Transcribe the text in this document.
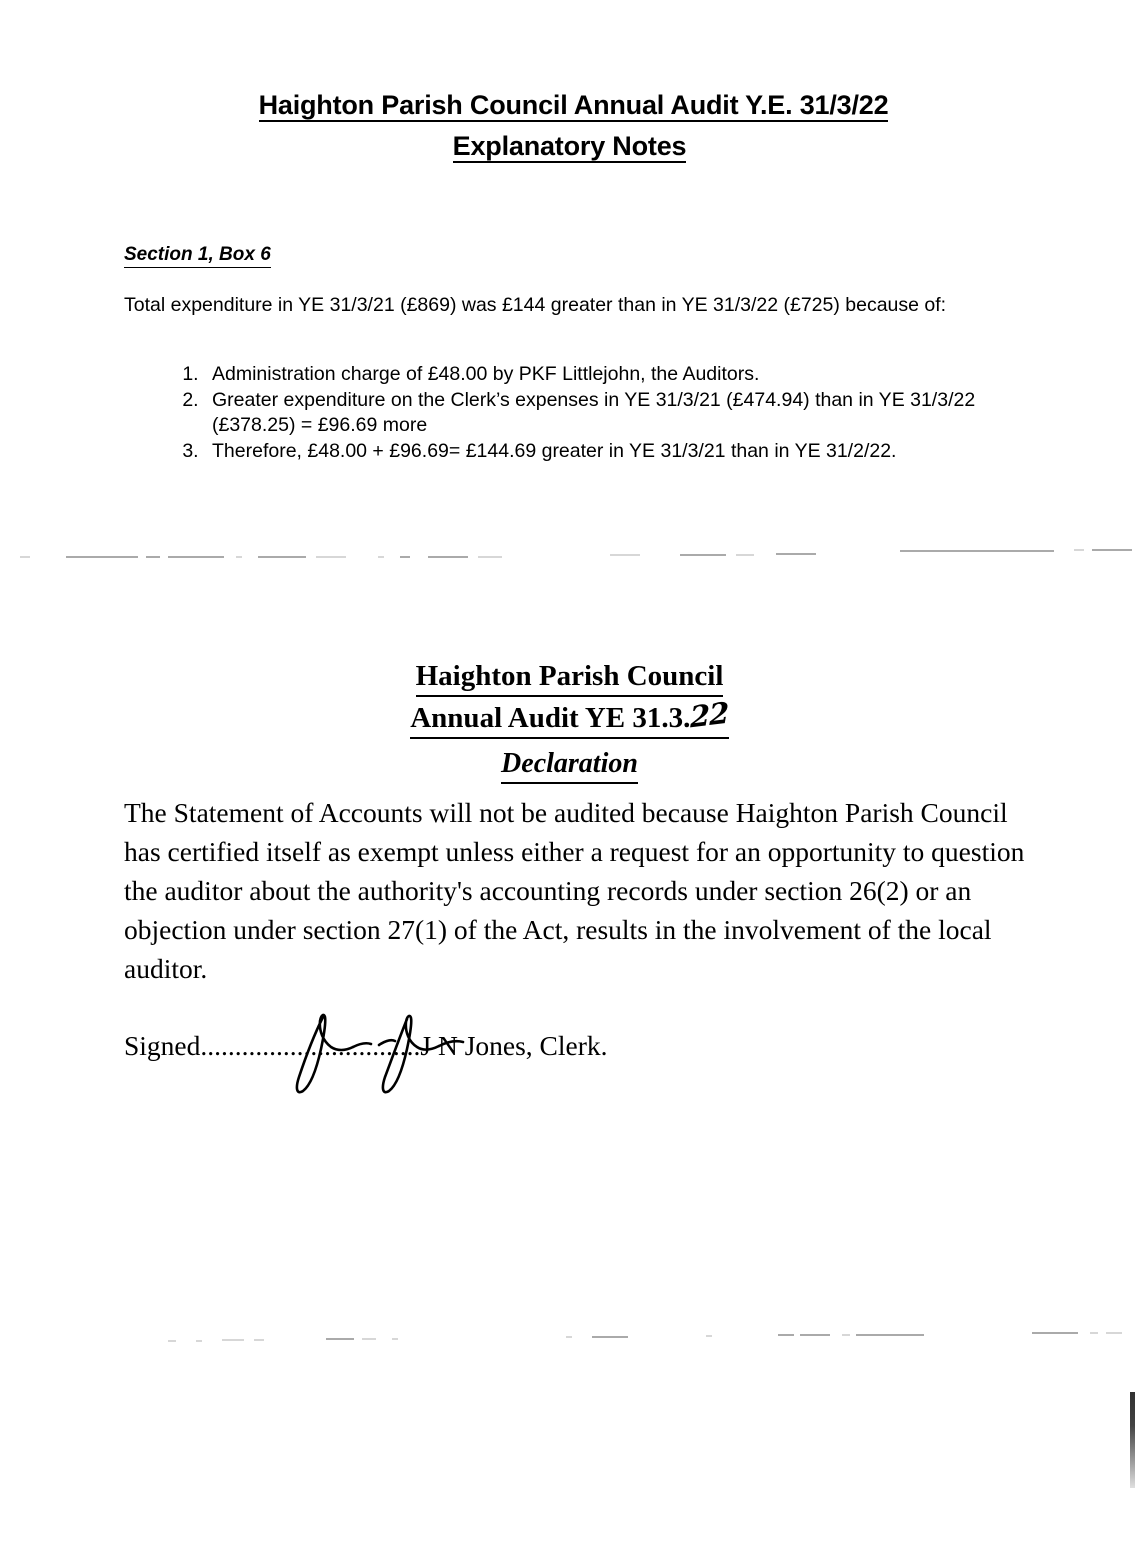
Haighton Parish Council Annual Audit Y.E. 31/3/22
Explanatory Notes
Section 1, Box 6
Total expenditure in YE 31/3/21 (£869) was £144 greater than in YE 31/3/22 (£725) because of:
1. Administration charge of £48.00 by PKF Littlejohn, the Auditors.
2. Greater expenditure on the Clerk’s expenses in YE 31/3/21 (£474.94) than in YE 31/3/22 (£378.25) = £96.69 more
3. Therefore, £48.00 + £96.69= £144.69 greater in YE 31/3/21 than in YE 31/2/22.
Haighton Parish Council
Annual Audit YE 31.3.22
Declaration
The Statement of Accounts will not be audited because Haighton Parish Council has certified itself as exempt unless either a request for an opportunity to question the auditor about the authority's accounting records under section 26(2) or an objection under section 27(1) of the Act, results in the involvement of the local auditor.
Signed........
........................J N Jones, Clerk.
